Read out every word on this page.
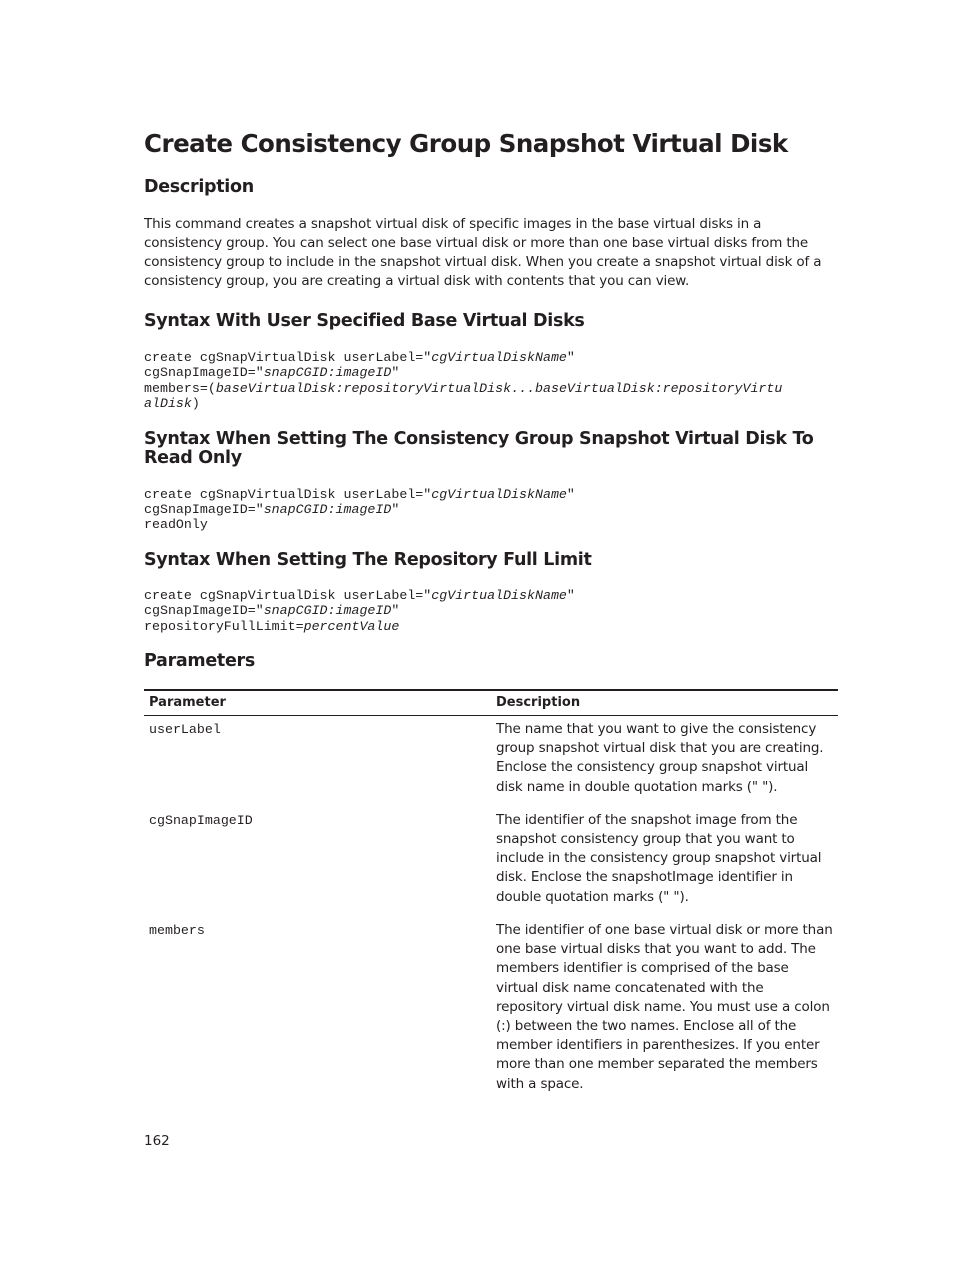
Create Consistency Group Snapshot Virtual Disk
Description

This command creates a snapshot virtual disk of specific images in the base virtual disks in a consistency group. You can select one base virtual disk or more than one base virtual disks from the consistency group to include in the snapshot virtual disk. When you create a snapshot virtual disk of a consistency group, you are creating a virtual disk with contents that you can view.

Syntax With User Specified Base Virtual Disks
create cgSnapVirtualDisk userLabel="cgVirtualDiskName"
cgSnapImageID="snapCGID:imageID"
members=(baseVirtualDisk:repositoryVirtualDisk...baseVirtualDisk:repositoryVirtu
alDisk)
Syntax When Setting The Consistency Group Snapshot Virtual Disk To Read Only
create cgSnapVirtualDisk userLabel="cgVirtualDiskName"
cgSnapImageID="snapCGID:imageID"
readOnly
Syntax When Setting The Repository Full Limit
create cgSnapVirtualDisk userLabel="cgVirtualDiskName"
cgSnapImageID="snapCGID:imageID"
repositoryFullLimit=percentValue
Parameters
Parameter	Description
userLabel	The name that you want to give the consistency group snapshot virtual disk that you are creating. Enclose the consistency group snapshot virtual disk name in double quotation marks (" ").
cgSnapImageID	The identifier of the snapshot image from the snapshot consistency group that you want to include in the consistency group snapshot virtual disk. Enclose the snapshotImage identifier in double quotation marks (" ").
members	The identifier of one base virtual disk or more than one base virtual disks that you want to add. The members identifier is comprised of the base virtual disk name concatenated with the repository virtual disk name. You must use a colon (:) between the two names. Enclose all of the member identifiers in parenthesizes. If you enter more than one member separated the members with a space.
162
